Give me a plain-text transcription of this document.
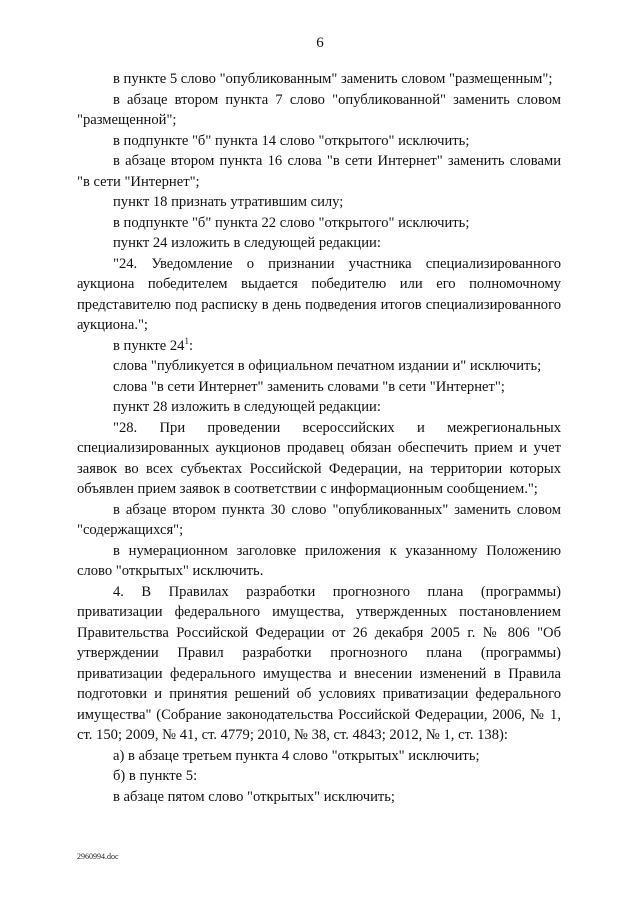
6

в пункте 5 слово "опубликованным" заменить словом "размещенным";

в абзаце втором пункта 7 слово "опубликованной" заменить словом "размещенной";

в подпункте "б" пункта 14 слово "открытого" исключить;

в абзаце втором пункта 16 слова "в сети Интернет" заменить словами "в сети "Интернет";

пункт 18 признать утратившим силу;

в подпункте "б" пункта 22 слово "открытого" исключить;

пункт 24 изложить в следующей редакции:

"24. Уведомление о признании участника специализированного аукциона победителем выдается победителю или его полномочному представителю под расписку в день подведения итогов специализированного аукциона.";

в пункте $24^1$:

слова "публикуется в официальном печатном издании и" исключить;

слова "в сети Интернет" заменить словами "в сети "Интернет";

пункт 28 изложить в следующей редакции:

"28. При проведении всероссийских и межрегиональных специализированных аукционов продавец обязан обеспечить прием и учет заявок во всех субъектах Российской Федерации, на территории которых объявлен прием заявок в соответствии с информационным сообщением.";

в абзаце втором пункта 30 слово "опубликованных" заменить словом "содержащихся";

в нумерационном заголовке приложения к указанному Положению слово "открытых" исключить.

4. В Правилах разработки прогнозного плана (программы) приватизации федерального имущества, утвержденных постановлением Правительства Российской Федерации от 26 декабря 2005 г. № 806 "Об утверждении Правил разработки прогнозного плана (программы) приватизации федерального имущества и внесении изменений в Правила подготовки и принятия решений об условиях приватизации федерального имущества" (Собрание законодательства Российской Федерации, 2006, № 1, ст. 150; 2009, № 41, ст. 4779; 2010, № 38, ст. 4843; 2012, № 1, ст. 138):

а) в абзаце третьем пункта 4 слово "открытых" исключить;

б) в пункте 5:

в абзаце пятом слово "открытых" исключить;

2960994.doc
